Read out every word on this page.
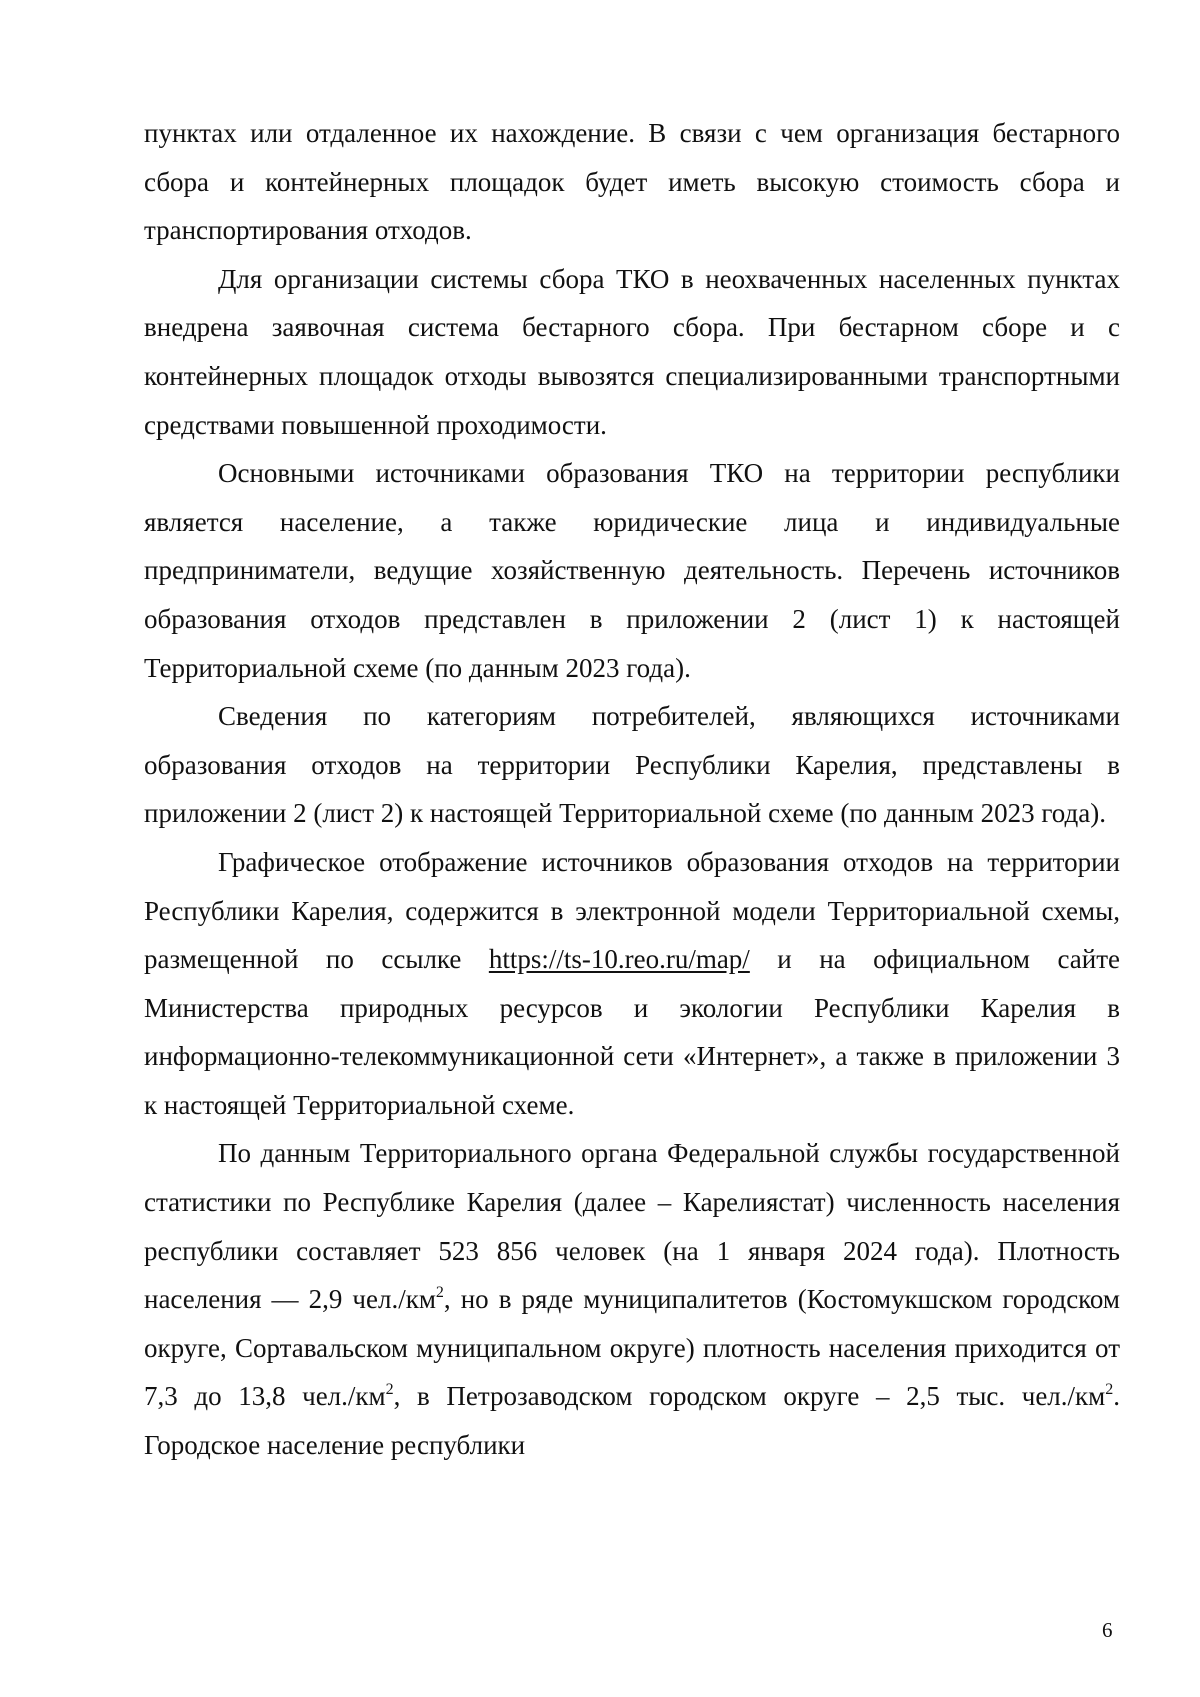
пунктах или отдаленное их нахождение. В связи с чем организация бестарного сбора и контейнерных площадок будет иметь высокую стоимость сбора и транспортирования отходов.

Для организации системы сбора ТКО в неохваченных населенных пунктах внедрена заявочная система бестарного сбора. При бестарном сборе и с контейнерных площадок отходы вывозятся специализированными транспортными средствами повышенной проходимости.

Основными источниками образования ТКО на территории республики является население, а также юридические лица и индивидуальные предприниматели, ведущие хозяйственную деятельность. Перечень источников образования отходов представлен в приложении 2 (лист 1) к настоящей Территориальной схеме (по данным 2023 года).

Сведения по категориям потребителей, являющихся источниками образования отходов на территории Республики Карелия, представлены в приложении 2 (лист 2) к настоящей Территориальной схеме (по данным 2023 года).

Графическое отображение источников образования отходов на территории Республики Карелия, содержится в электронной модели Территориальной схемы, размещенной по ссылке https://ts-10.reo.ru/map/ и на официальном сайте Министерства природных ресурсов и экологии Республики Карелия в информационно-телекоммуникационной сети «Интернет», а также в приложении 3 к настоящей Территориальной схеме.

По данным Территориального органа Федеральной службы государственной статистики по Республике Карелия (далее – Карелиястат) численность населения республики составляет 523 856 человек (на 1 января 2024 года). Плотность населения — 2,9 $чел./км^2$, но в ряде муниципалитетов (Костомукшском городском округе, Сортавальском муниципальном округе) плотность населения приходится от 7,3 до 13,8 $чел./км^2$, в Петрозаводском городском округе – 2,5 тыс. $чел./км^2$. Городское население республики

6
